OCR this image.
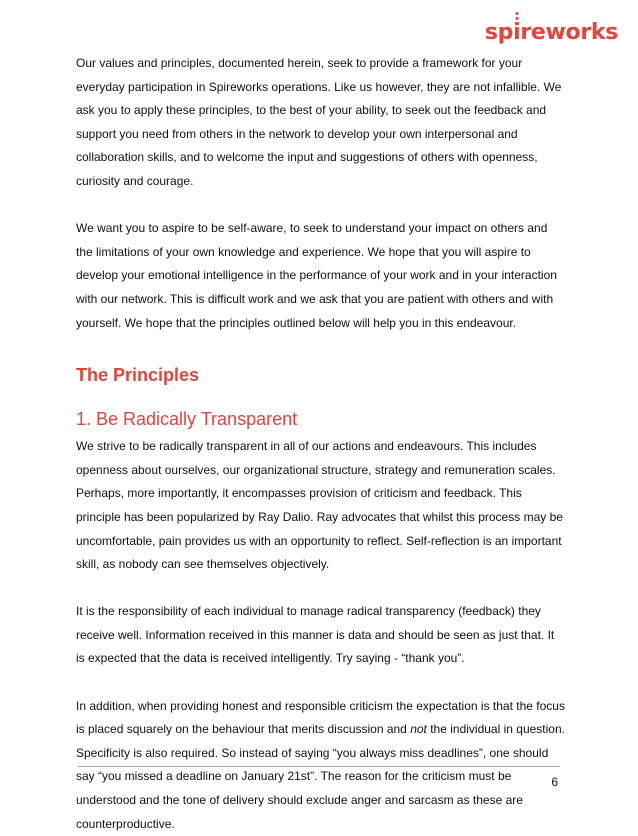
spireworks

Our values and principles, documented herein, seek to provide a framework for your everyday participation in Spireworks operations. Like us however, they are not infallible. We ask you to apply these principles, to the best of your ability, to seek out the feedback and support you need from others in the network to develop your own interpersonal and collaboration skills, and to welcome the input and suggestions of others with openness, curiosity and courage.

We want you to aspire to be self-aware, to seek to understand your impact on others and the limitations of your own knowledge and experience. We hope that you will aspire to develop your emotional intelligence in the performance of your work and in your interaction with our network. This is difficult work and we ask that you are patient with others and with yourself. We hope that the principles outlined below will help you in this endeavour.

The Principles
1. Be Radically Transparent

We strive to be radically transparent in all of our actions and endeavours. This includes openness about ourselves, our organizational structure, strategy and remuneration scales. Perhaps, more importantly, it encompasses provision of criticism and feedback. This principle has been popularized by Ray Dalio. Ray advocates that whilst this process may be uncomfortable, pain provides us with an opportunity to reflect. Self-reflection is an important skill, as nobody can see themselves objectively.

It is the responsibility of each individual to manage radical transparency (feedback) they receive well. Information received in this manner is data and should be seen as just that. It is expected that the data is received intelligently. Try saying - “thank you”.

In addition, when providing honest and responsible criticism the expectation is that the focus is placed squarely on the behaviour that merits discussion and not the individual in question. Specificity is also required. So instead of saying “you always miss deadlines”, one should say “you missed a deadline on January 21st”. The reason for the criticism must be understood and the tone of delivery should exclude anger and sarcasm as these are counterproductive.

6
